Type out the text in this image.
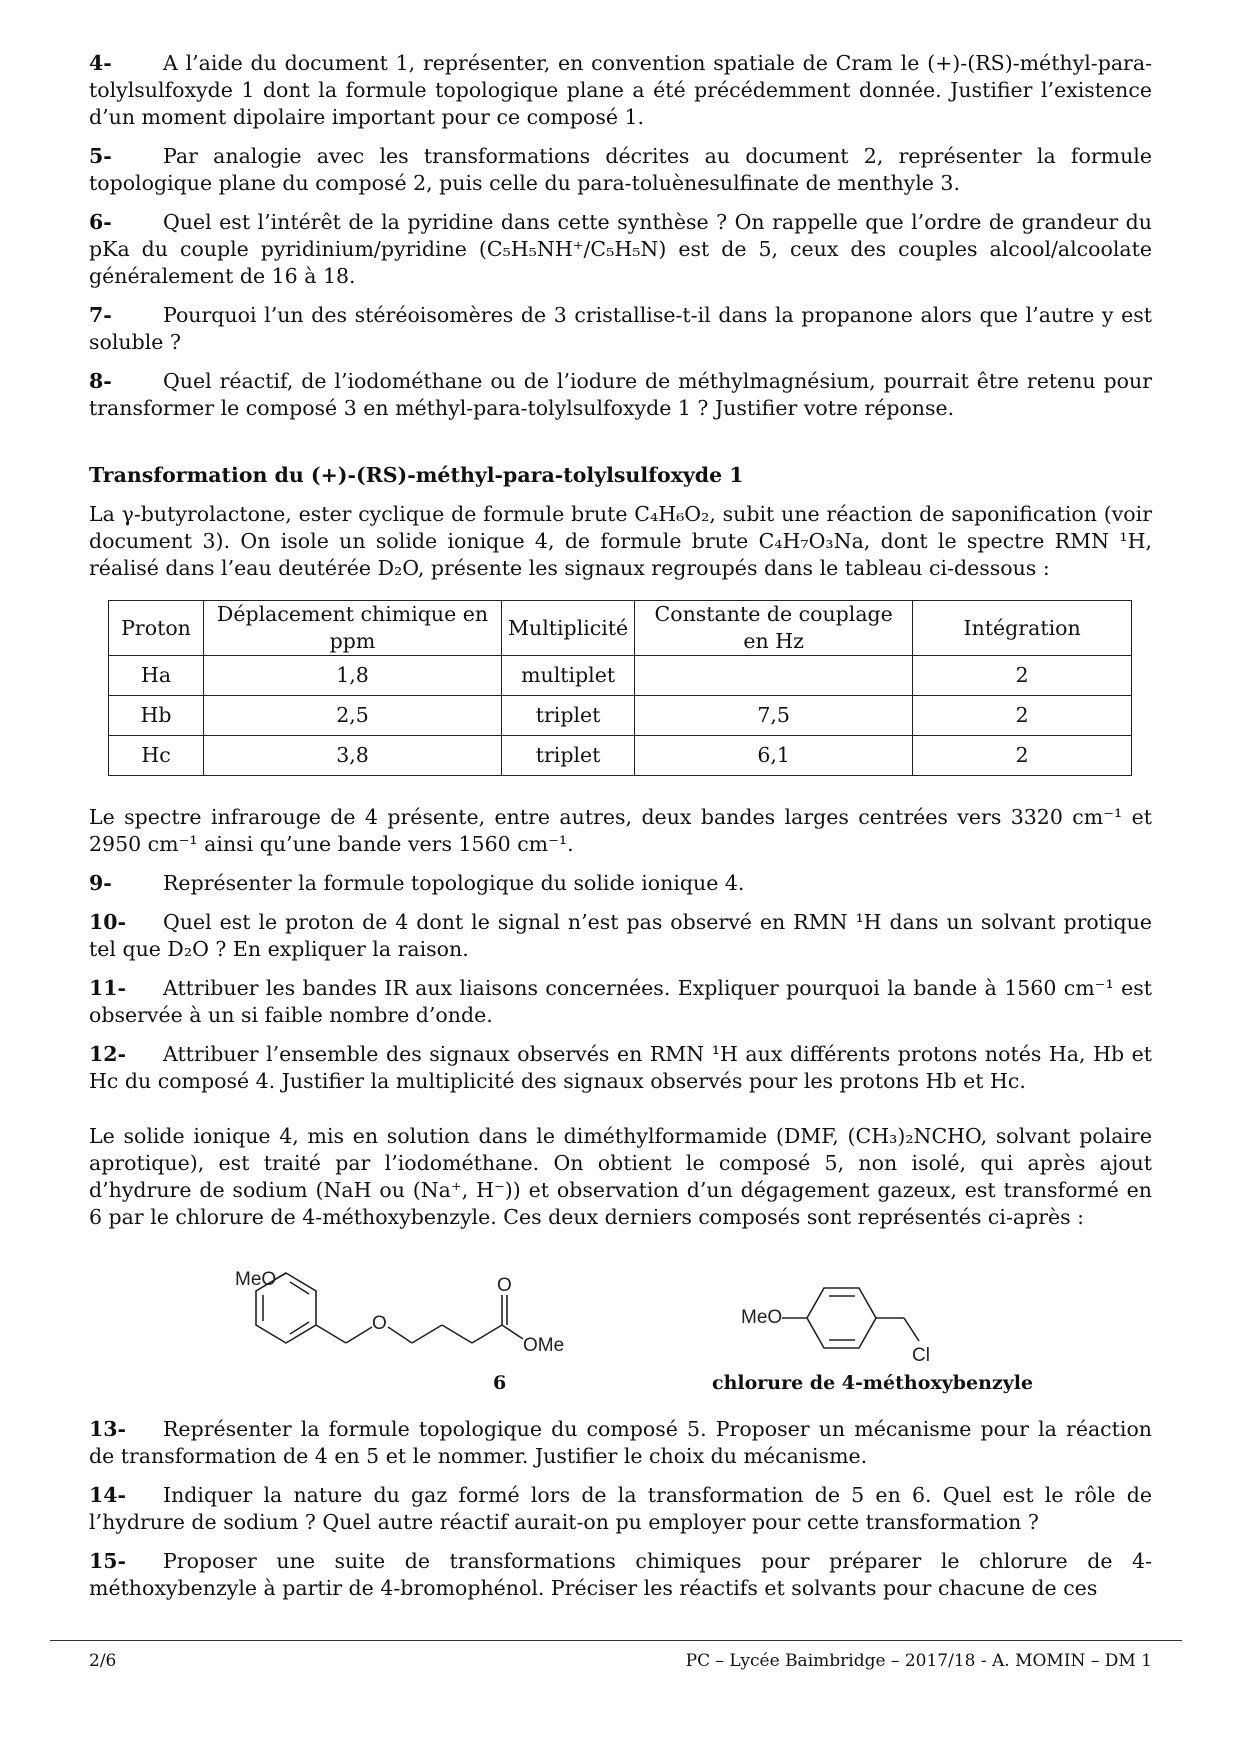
4- A l’aide du document 1, représenter, en convention spatiale de Cram le (+)-(RS)-méthyl-para-tolylsulfoxyde 1 dont la formule topologique plane a été précédemment donnée. Justifier l’existence d’un moment dipolaire important pour ce composé 1.

5- Par analogie avec les transformations décrites au document 2, représenter la formule topologique plane du composé 2, puis celle du para-toluènesulfinate de menthyle 3.

6- Quel est l’intérêt de la pyridine dans cette synthèse ? On rappelle que l’ordre de grandeur du pKa du couple pyridinium/pyridine (C₅H₅NH⁺/C₅H₅N) est de 5, ceux des couples alcool/alcoolate généralement de 16 à 18.

7- Pourquoi l’un des stéréoisomères de 3 cristallise-t-il dans la propanone alors que l’autre y est soluble ?

8- Quel réactif, de l’iodométhane ou de l’iodure de méthylmagnésium, pourrait être retenu pour transformer le composé 3 en méthyl-para-tolylsulfoxyde 1 ? Justifier votre réponse.

Transformation du (+)-(RS)-méthyl-para-tolylsulfoxyde 1

La γ-butyrolactone, ester cyclique de formule brute C₄H₆O₂, subit une réaction de saponification (voir document 3). On isole un solide ionique 4, de formule brute C₄H₇O₃Na, dont le spectre RMN ¹H, réalisé dans l’eau deutérée D₂O, présente les signaux regroupés dans le tableau ci-dessous :

Proton	Déplacement chimique en ppm	Multiplicité	Constante de couplage en Hz	Intégration
Ha	1,8	multiplet		2
Hb	2,5	triplet	7,5	2
Hc	3,8	triplet	6,1	2

Le spectre infrarouge de 4 présente, entre autres, deux bandes larges centrées vers 3320 cm⁻¹ et 2950 cm⁻¹ ainsi qu’une bande vers 1560 cm⁻¹.

9- Représenter la formule topologique du solide ionique 4.

10- Quel est le proton de 4 dont le signal n’est pas observé en RMN ¹H dans un solvant protique tel que D₂O ? En expliquer la raison.

11- Attribuer les bandes IR aux liaisons concernées. Expliquer pourquoi la bande à 1560 cm⁻¹ est observée à un si faible nombre d’onde.

12- Attribuer l’ensemble des signaux observés en RMN ¹H aux différents protons notés Ha, Hb et Hc du composé 4. Justifier la multiplicité des signaux observés pour les protons Hb et Hc.

Le solide ionique 4, mis en solution dans le diméthylformamide (DMF, (CH₃)₂NCHO, solvant polaire aprotique), est traité par l’iodométhane. On obtient le composé 5, non isolé, qui après ajout d’hydrure de sodium (NaH ou (Na⁺, H⁻)) et observation d’un dégagement gazeux, est transformé en 6 par le chlorure de 4-méthoxybenzyle. Ces deux derniers composés sont représentés ci-après :

MeO
O
O
OMe
6
MeO
Cl
chlorure de 4-méthoxybenzyle

13- Représenter la formule topologique du composé 5. Proposer un mécanisme pour la réaction de transformation de 4 en 5 et le nommer. Justifier le choix du mécanisme.

14- Indiquer la nature du gaz formé lors de la transformation de 5 en 6. Quel est le rôle de l’hydrure de sodium ? Quel autre réactif aurait-on pu employer pour cette transformation ?

15- Proposer une suite de transformations chimiques pour préparer le chlorure de 4-méthoxybenzyle à partir de 4-bromophénol. Préciser les réactifs et solvants pour chacune de ces

2/6	PC – Lycée Baimbridge – 2017/18 - A. MOMIN – DM 1
